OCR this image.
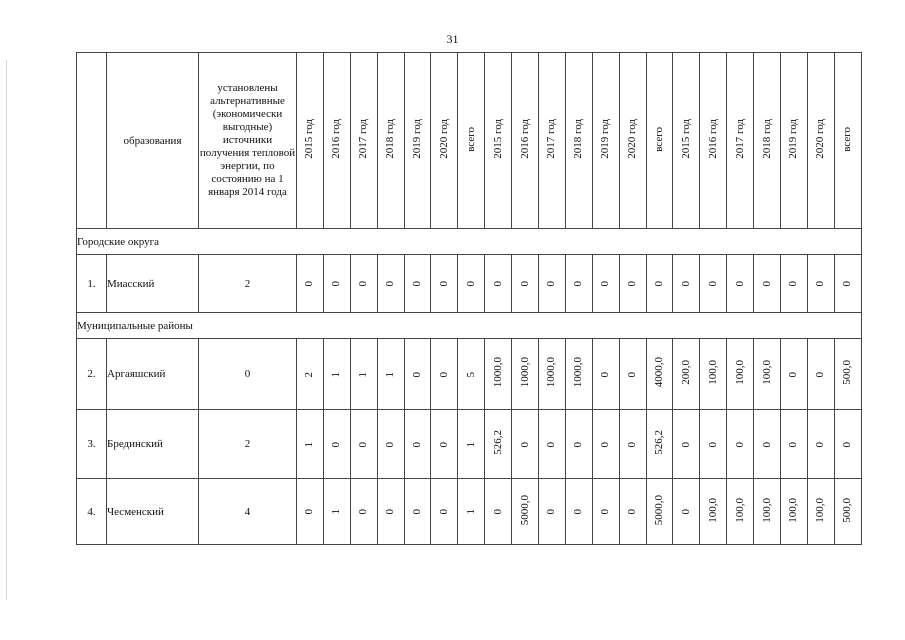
31
	образования	установлены альтернативные (экономически выгодные) источники получения тепловой энергии, по состоянию на 1 января 2014 года	2015 год	2016 год	2017 год	2018 год	2019 год	2020 год	всего	2015 год	2016 год	2017 год	2018 год	2019 год	2020 год	всего	2015 год	2016 год	2017 год	2018 год	2019 год	2020 год	всего
Городские округа																							
1.	Миасский	2	0	0	0	0	0	0	0	0	0	0	0	0	0	0	0	0	0	0	0	0	0
Муниципальные районы																							
2.	Аргаяшский	0	2	1	1	1	0	0	5	1000,0	1000,0	1000,0	1000,0	0	0	4000,0	200,0	100,0	100,0	100,0	0	0	500,0
3.	Брединский	2	1	0	0	0	0	0	1	526,2	0	0	0	0	0	526,2	0	0	0	0	0	0	0
4.	Чесменский	4	0	1	0	0	0	0	1	0	5000,0	0	0	0	0	5000,0	0	100,0	100,0	100,0	100,0	100,0	500,0
